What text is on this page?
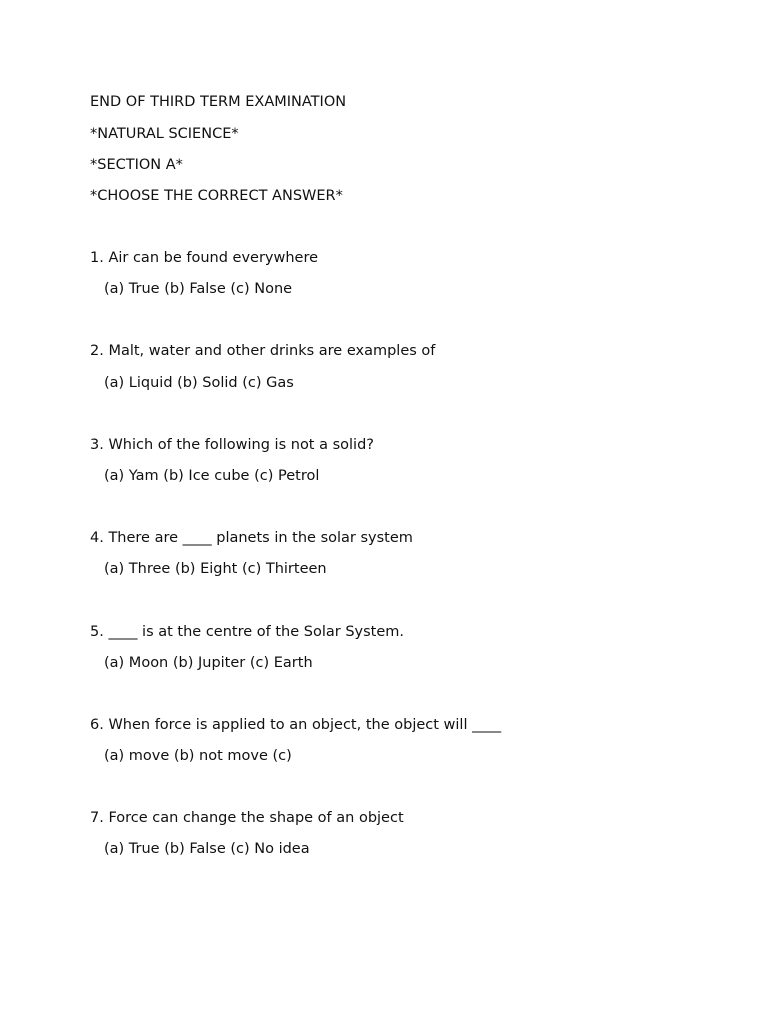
END OF THIRD TERM EXAMINATION

*NATURAL SCIENCE*

*SECTION A*

*CHOOSE THE CORRECT ANSWER*

1. Air can be found everywhere

(a) True (b) False (c) None

2. Malt, water and other drinks are examples of

(a) Liquid (b) Solid (c) Gas

3. Which of the following is not a solid?

(a) Yam (b) Ice cube (c) Petrol

4. There are ____ planets in the solar system

(a) Three (b) Eight (c) Thirteen

5. ____ is at the centre of the Solar System.

(a) Moon (b) Jupiter (c) Earth

6. When force is applied to an object, the object will ____

(a) move (b) not move (c)

7. Force can change the shape of an object

(a) True (b) False (c) No idea
